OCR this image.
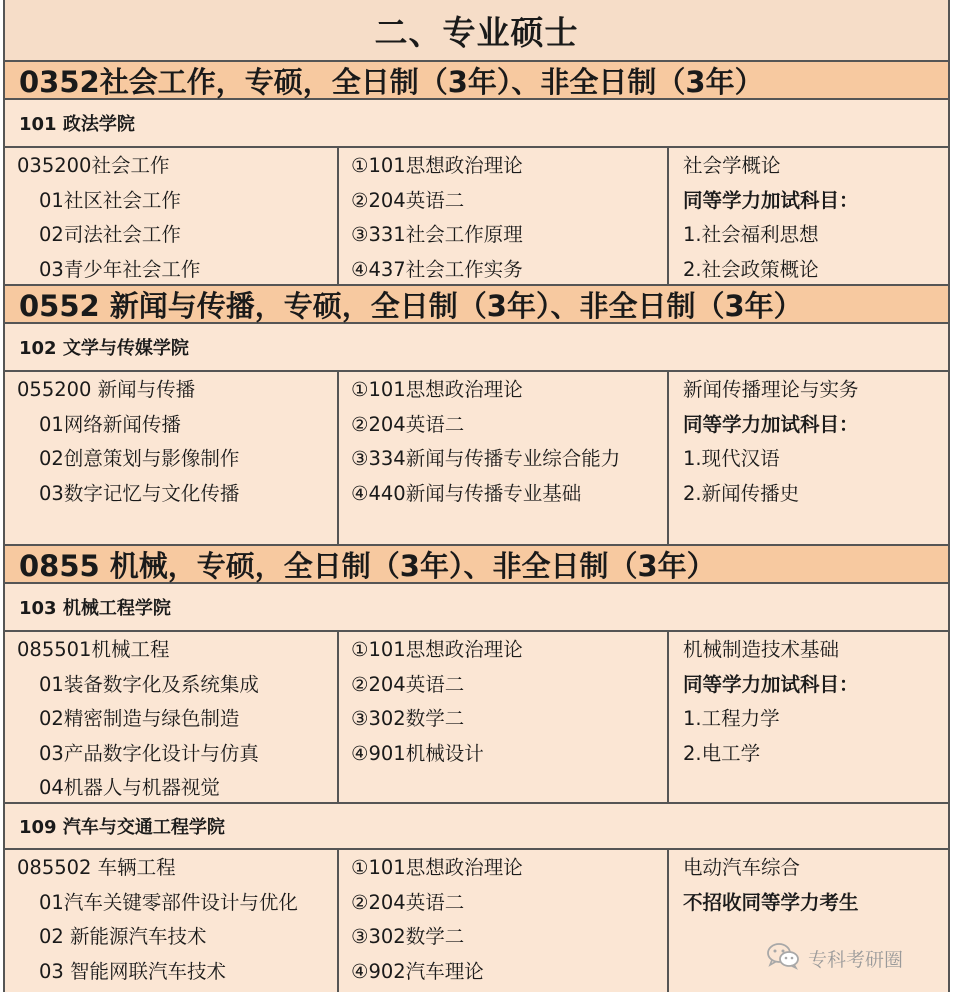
二、专业硕士
0352社会工作，专硕，全日制（3年）、非全日制（3年）
101 政法学院
035200社会工作
01社区社会工作
02司法社会工作
03青少年社会工作
①101思想政治理论
②204英语二
③331社会工作原理
④437社会工作实务
社会学概论
同等学力加试科目：
1.社会福利思想
2.社会政策概论
0552 新闻与传播，专硕，全日制（3年）、非全日制（3年）
102 文学与传媒学院
055200 新闻与传播
01网络新闻传播
02创意策划与影像制作
03数字记忆与文化传播
①101思想政治理论
②204英语二
③334新闻与传播专业综合能力
④440新闻与传播专业基础
新闻传播理论与实务
同等学力加试科目：
1.现代汉语
2.新闻传播史
0855 机械，专硕，全日制（3年）、非全日制（3年）
103 机械工程学院
085501机械工程
01装备数字化及系统集成
02精密制造与绿色制造
03产品数字化设计与仿真
04机器人与机器视觉
①101思想政治理论
②204英语二
③302数学二
④901机械设计
机械制造技术基础
同等学力加试科目：
1.工程力学
2.电工学
109 汽车与交通工程学院
085502 车辆工程
01汽车关键零部件设计与优化
02 新能源汽车技术
03 智能网联汽车技术
①101思想政治理论
②204英语二
③302数学二
④902汽车理论
电动汽车综合
不招收同等学力考生
专科考研圈
